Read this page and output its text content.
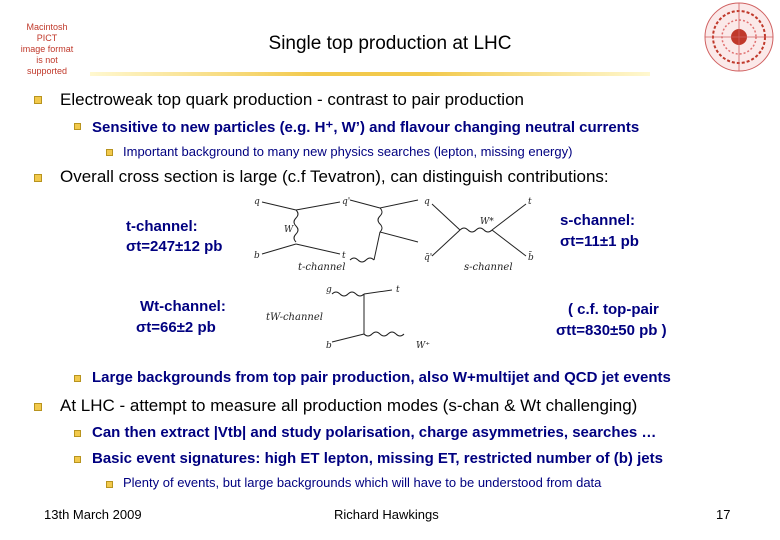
Macintosh PICT
image format
is not supported
Single top production at LHC
Electroweak top quark production - contrast to pair production
Sensitive to new particles (e.g. H⁺, W’) and flavour changing neutral currents
Important background to many new physics searches (lepton, missing energy)
Overall cross section is large (c.f Tevatron), can distinguish contributions:
t-channel:
σt=247±12 pb
s-channel:
σt=11±1 pb
Wt-channel:
σt=66±2 pb
( c.f. top-pair
σtt=830±50 pb )
q	q'
b	t
W
W*
q
q̄'
t
b̄
t-channel	s-channel
g	t
b	W⁺
tW-channel
Large backgrounds from top pair production, also W+multijet and QCD jet events
At LHC - attempt to measure all production modes (s-chan & Wt challenging)
Can then extract |Vtb| and study polarisation, charge asymmetries, searches …
Basic event signatures: high ET lepton, missing ET, restricted number of (b) jets
Plenty of events, but large backgrounds which will have to be understood from data
13th March 2009	Richard Hawkings	17
